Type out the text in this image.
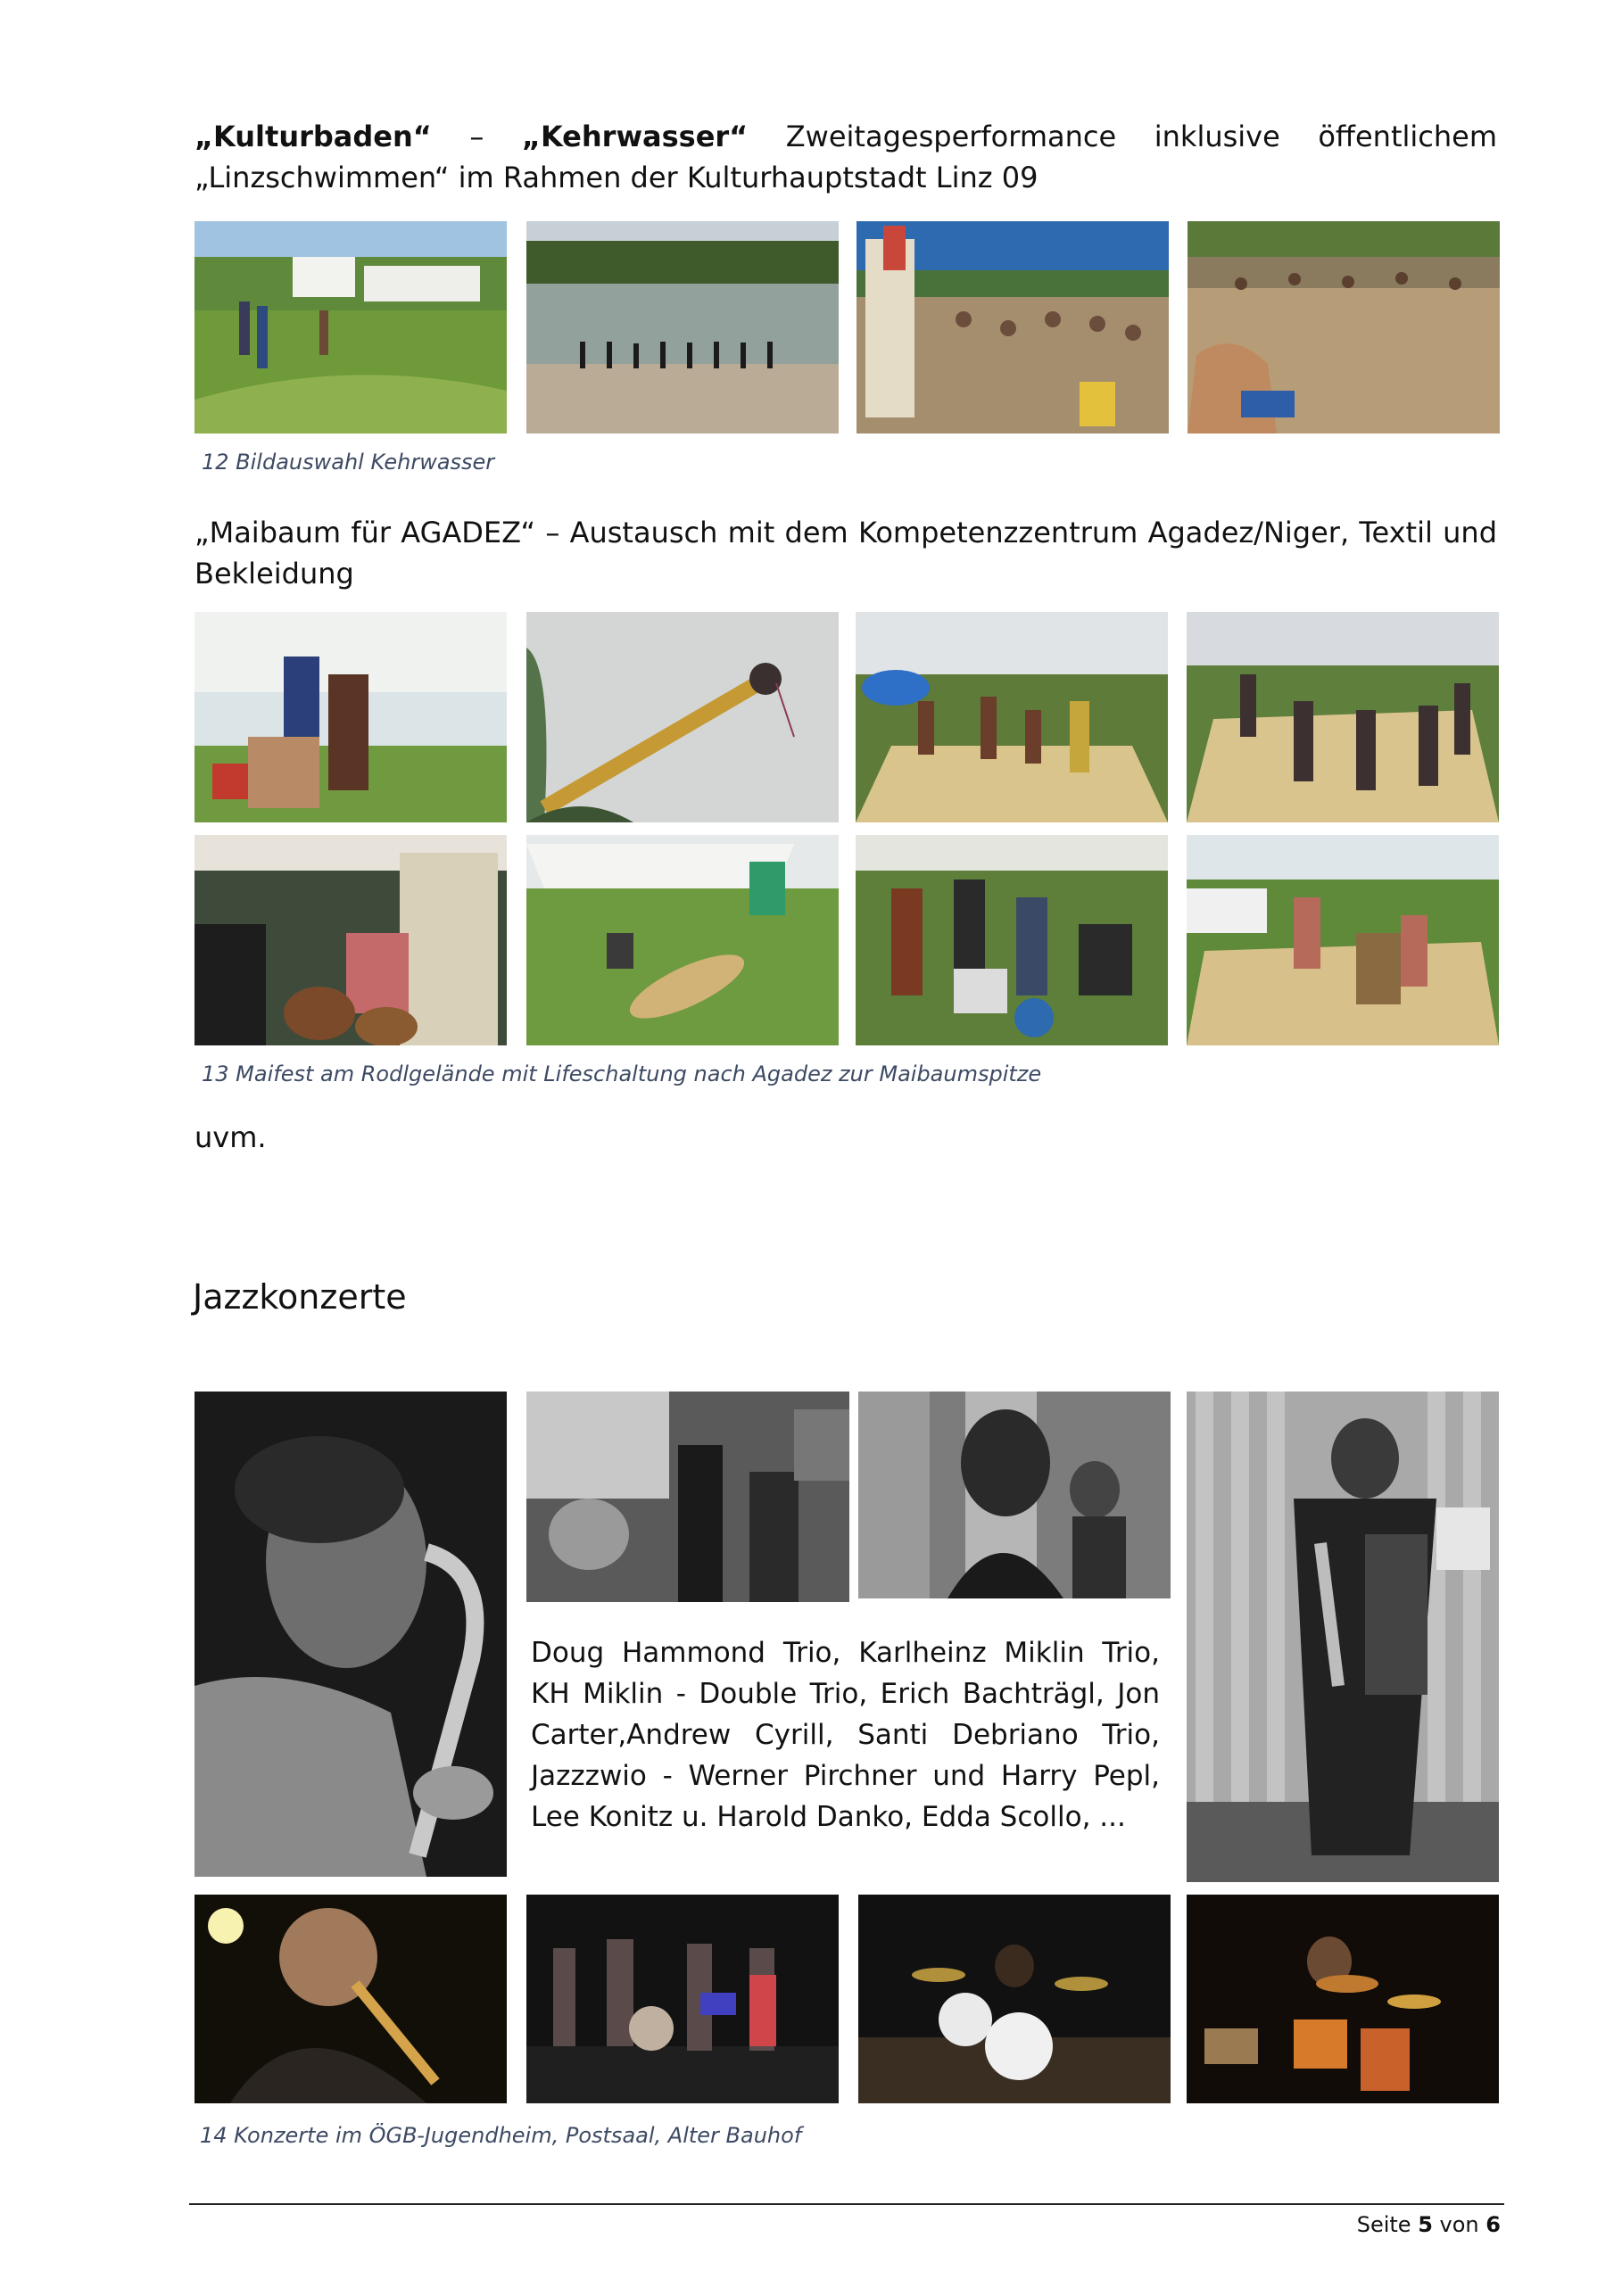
„Kulturbaden“ – „Kehrwasser“ Zweitagesperformance inklusive öffentlichem
„Linzschwimmen“ im Rahmen der Kulturhauptstadt Linz 09
12 Bildauswahl Kehrwasser
„Maibaum für AGADEZ“ – Austausch mit dem Kompetenzzentrum Agadez/Niger, Textil und Bekleidung
13 Maifest am Rodlgelände mit Lifeschaltung nach Agadez zur Maibaumspitze
uvm.
Jazzkonzerte
Doug Hammond Trio, Karlheinz Miklin Trio, KH Miklin - Double Trio, Erich Bachträgl, Jon Carter,Andrew Cyrill, Santi Debriano Trio, Jazzzwio - Werner Pirchner und Harry Pepl, Lee Konitz u. Harold Danko, Edda Scollo, ...
14 Konzerte im ÖGB-Jugendheim, Postsaal, Alter Bauhof
Seite 5 von 6
